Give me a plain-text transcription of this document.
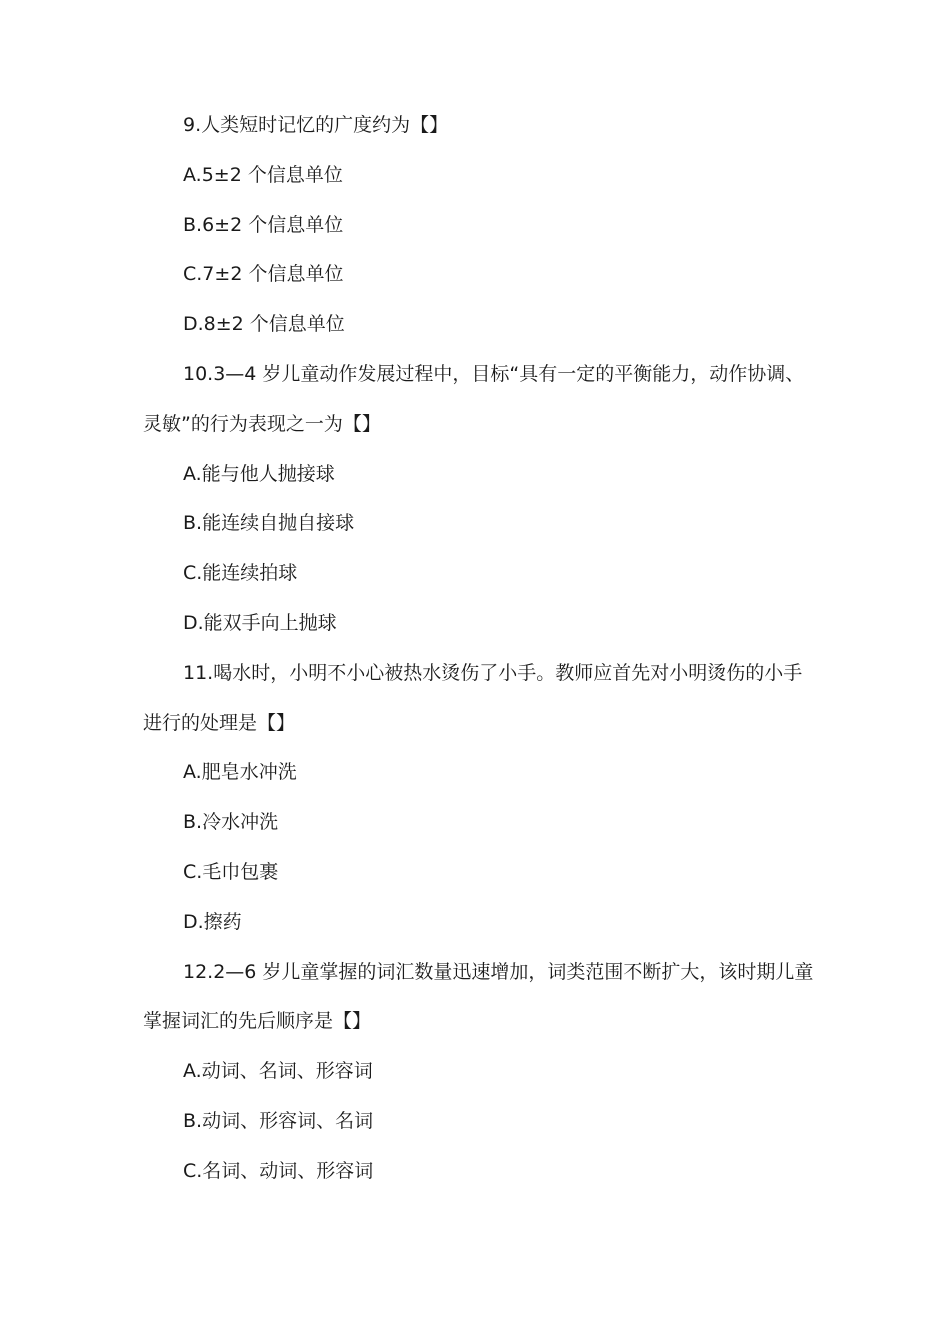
9.人类短时记忆的广度约为【】
A.5±2 个信息单位
B.6±2 个信息单位
C.7±2 个信息单位
D.8±2 个信息单位
10.3—4 岁儿童动作发展过程中，目标“具有一定的平衡能力，动作协调、
灵敏”的行为表现之一为【】
A.能与他人抛接球
B.能连续自抛自接球
C.能连续拍球
D.能双手向上抛球
11.喝水时，小明不小心被热水烫伤了小手。教师应首先对小明烫伤的小手
进行的处理是【】
A.肥皂水冲洗
B.冷水冲洗
C.毛巾包裹
D.擦药
12.2—6 岁儿童掌握的词汇数量迅速增加，词类范围不断扩大，该时期儿童
掌握词汇的先后顺序是【】
A.动词、名词、形容词
B.动词、形容词、名词
C.名词、动词、形容词
